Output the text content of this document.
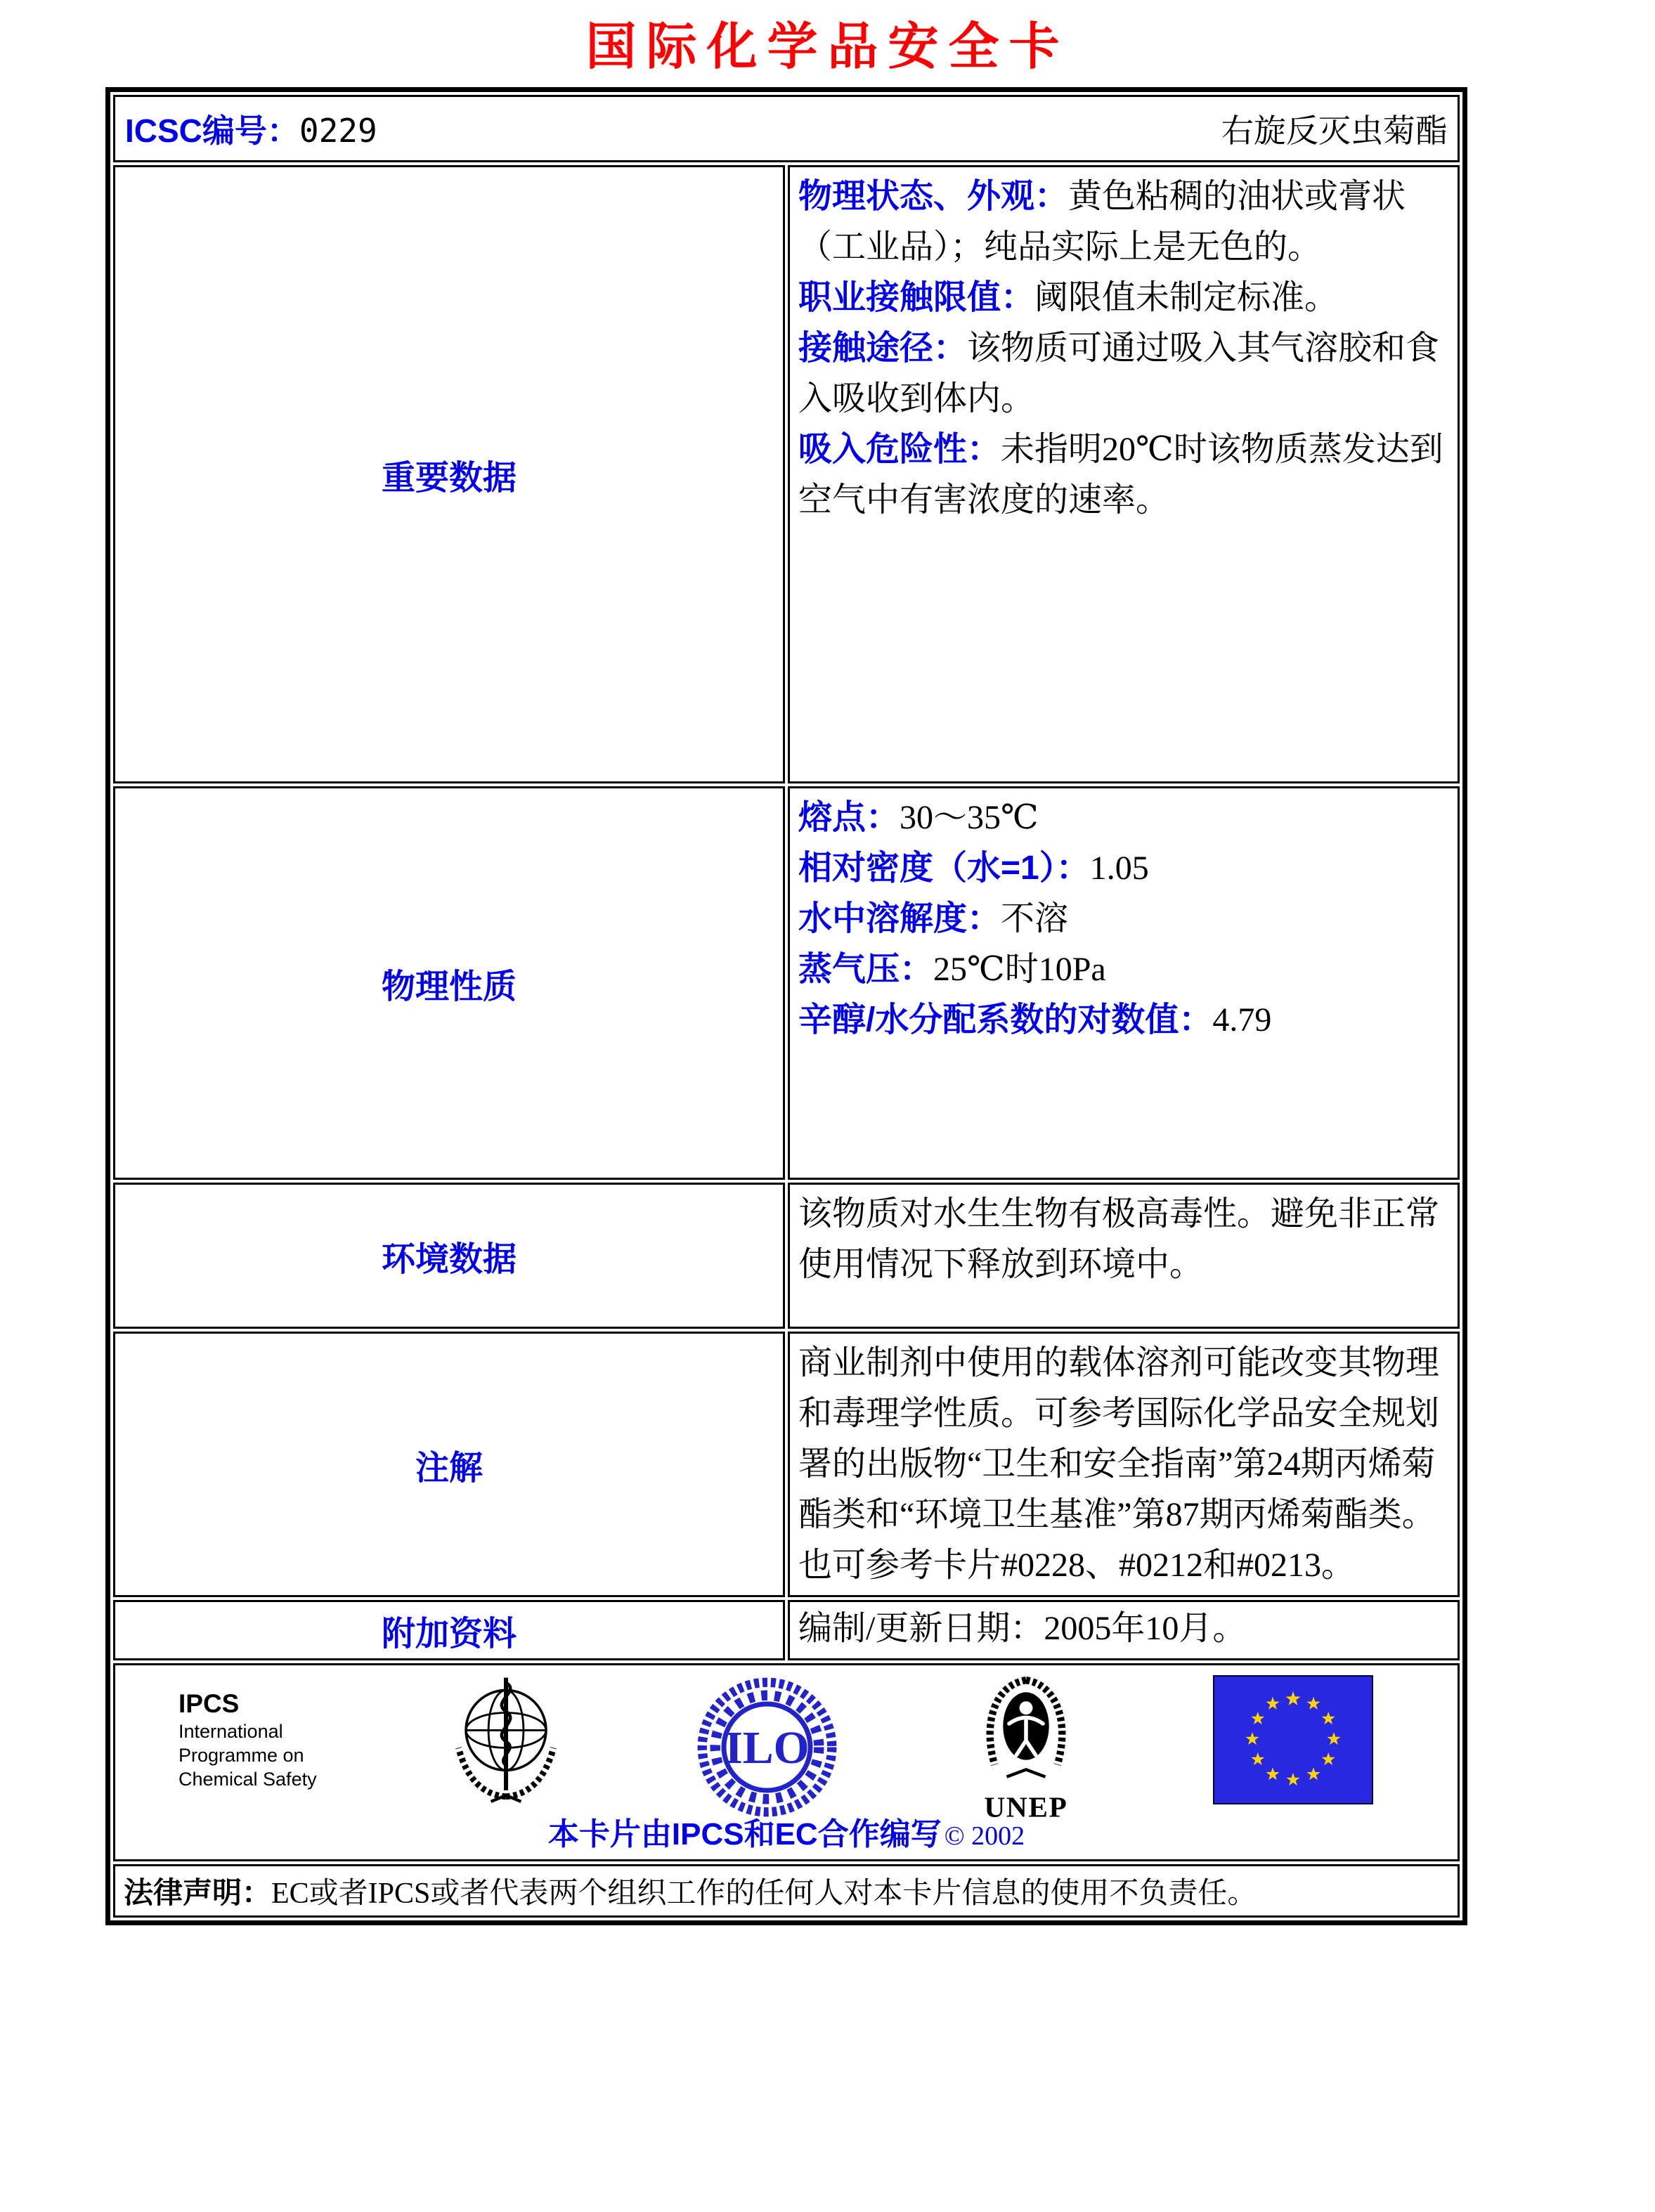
国际化学品安全卡
ICSC编号：0229 右旋反灭虫菊酯	

重要数据	物理状态、外观：黄色粘稠的油状或膏状（工业品）；纯品实际上是无色的。

职业接触限值：阈限值未制定标准。

接触途径：该物质可通过吸入其气溶胶和食入吸收到体内。

吸入危险性：未指明20℃时该物质蒸发达到空气中有害浓度的速率。

物理性质	熔点：30～35℃

相对密度（水=1）：1.05

水中溶解度：不溶

蒸气压：25℃时10Pa

辛醇/水分配系数的对数值：4.79

环境数据	该物质对水生生物有极高毒性。避免非正常使用情况下释放到环境中。

注解	商业制剂中使用的载体溶剂可能改变其物理和毒理学性质。可参考国际化学品安全规划署的出版物“卫生和安全指南”第24期丙烯菊酯类和“环境卫生基准”第87期丙烯菊酯类。也可参考卡片#0228、#0212和#0213。

附加资料	编制/更新日期：2005年10月。

IPCS
International
Programme on
Chemical Safety
ILO
UNEP
本卡片由IPCS和EC合作编写 © 2002

法律声明：EC或者IPCS或者代表两个组织工作的任何人对本卡片信息的使用不负责任。	
